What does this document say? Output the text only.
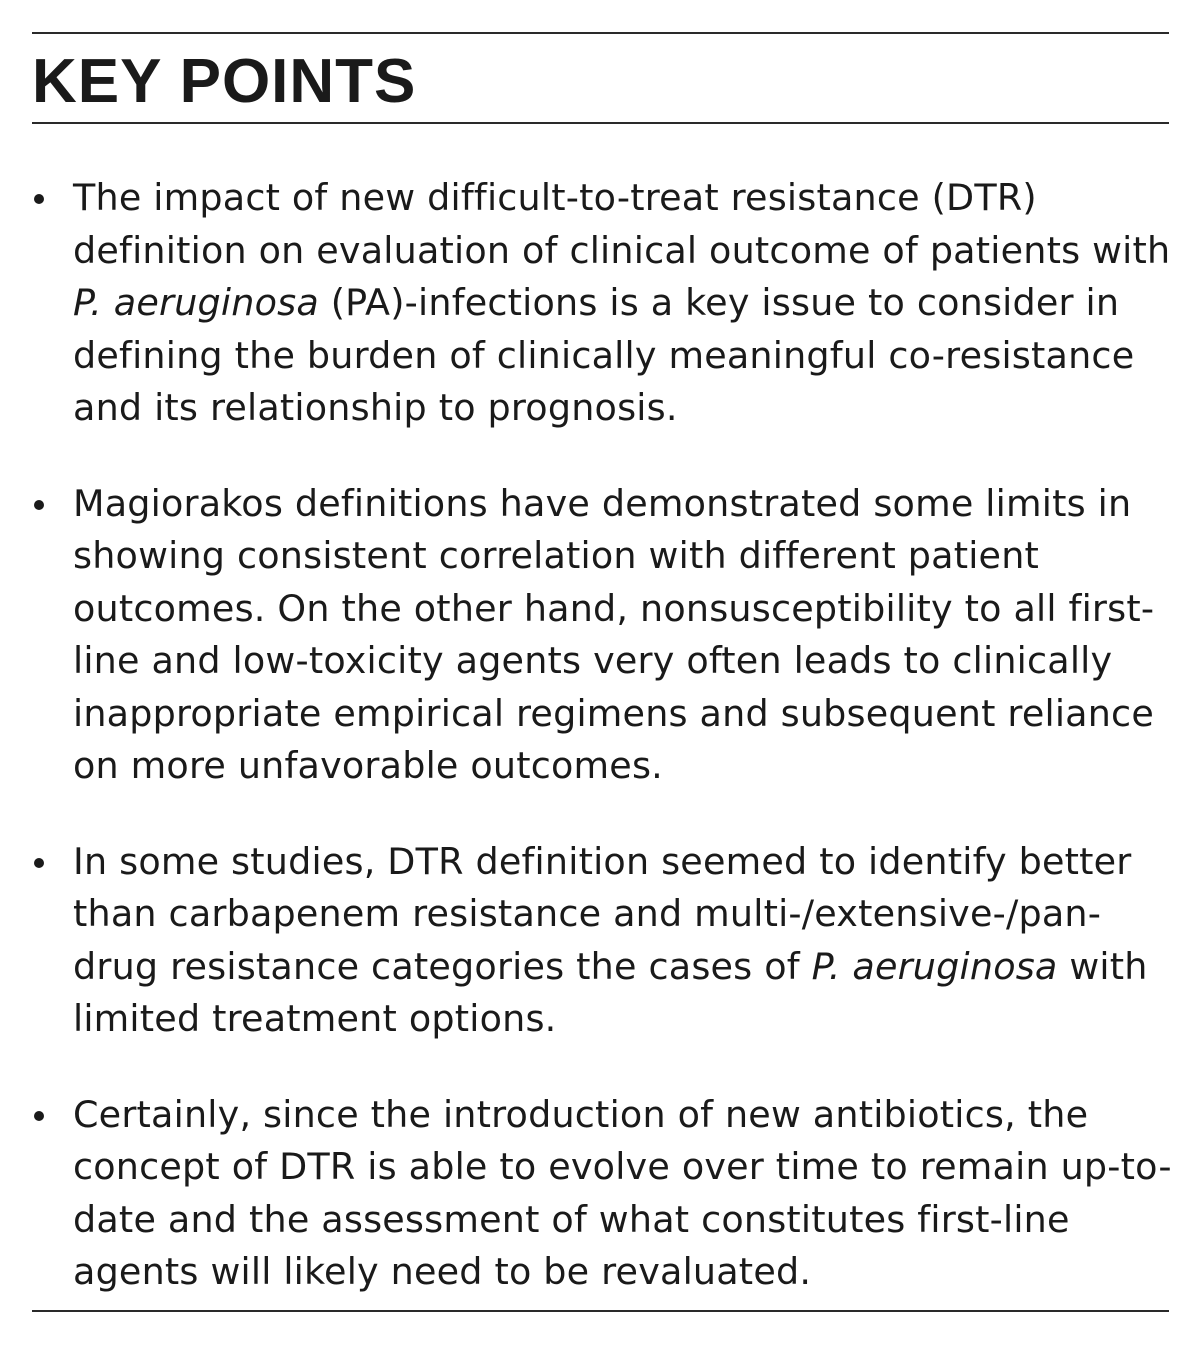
KEY POINTS
The impact of new difficult-to-treat resistance (DTR) definition on evaluation of clinical outcome of patients with P. aeruginosa (PA)-infections is a key issue to consider in defining the burden of clinically meaningful co-resistance and its relationship to prognosis.
Magiorakos definitions have demonstrated some limits in showing consistent correlation with different patient outcomes. On the other hand, nonsusceptibility to all first-line and low-toxicity agents very often leads to clinically inappropriate empirical regimens and subsequent reliance on more unfavorable outcomes.
In some studies, DTR definition seemed to identify better than carbapenem resistance and multi-/extensive-/pan-drug resistance categories the cases of P. aeruginosa with limited treatment options.
Certainly, since the introduction of new antibiotics, the concept of DTR is able to evolve over time to remain up-to-date and the assessment of what constitutes first-line agents will likely need to be revaluated.
